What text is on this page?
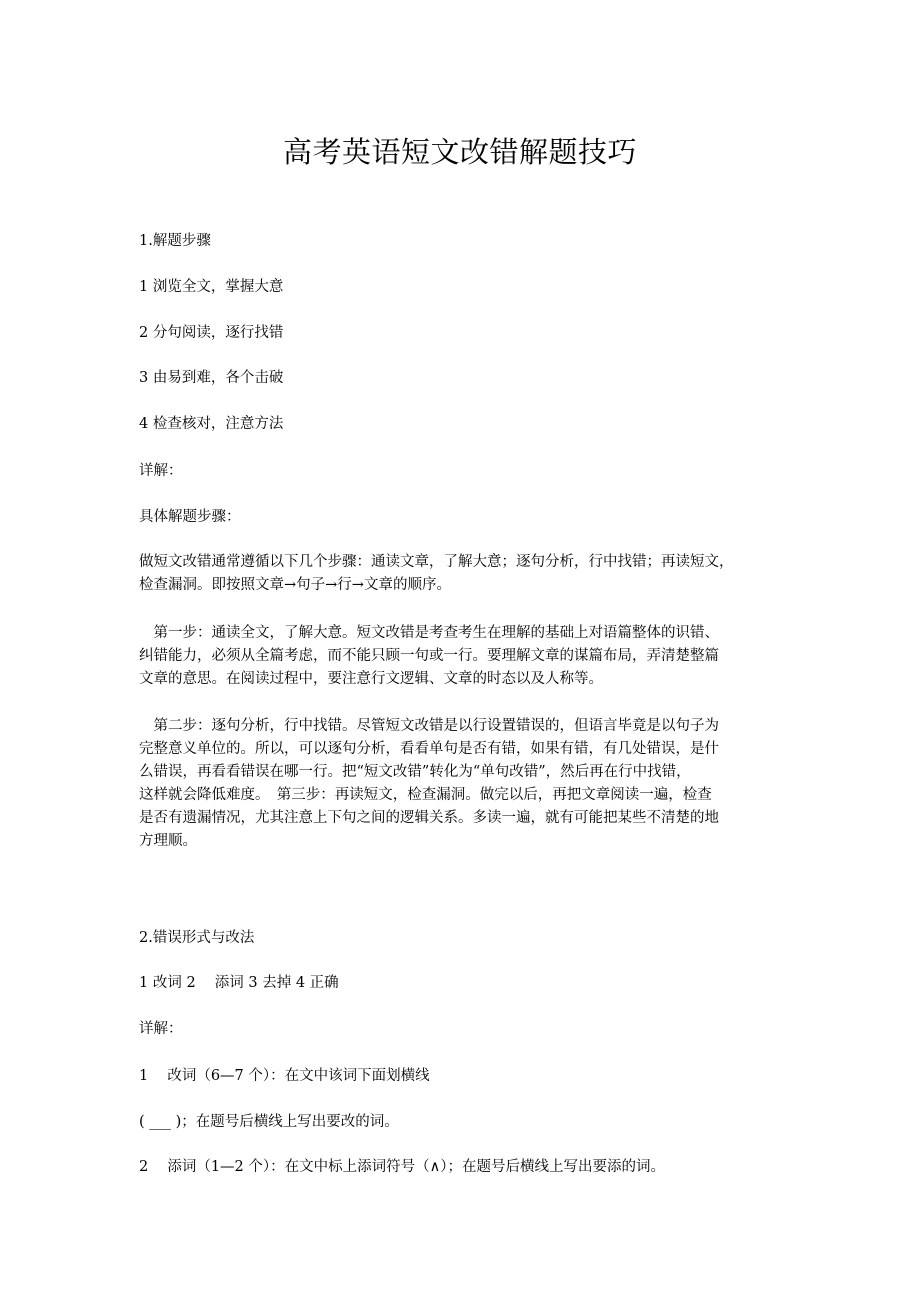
高考英语短文改错解题技巧

1.解题步骤

1 浏览全文，掌握大意

2 分句阅读，逐行找错

3 由易到难，各个击破

4 检查核对，注意方法

详解：

具体解题步骤：

做短文改错通常遵循以下几个步骤：通读文章，了解大意；逐句分析，行中找错；再读短文，

检查漏洞。即按照文章→句子→行→文章的顺序。

　第一步：通读全文，了解大意。短文改错是考查考生在理解的基础上对语篇整体的识错、

纠错能力，必须从全篇考虑，而不能只顾一句或一行。要理解文章的谋篇布局，弄清楚整篇

文章的意思。在阅读过程中，要注意行文逻辑、文章的时态以及人称等。

　第二步：逐句分析，行中找错。尽管短文改错是以行设置错误的，但语言毕竟是以句子为

完整意义单位的。所以，可以逐句分析，看看单句是否有错，如果有错，有几处错误，是什

么错误，再看看错误在哪一行。把“短文改错”转化为“单句改错”，然后再在行中找错，

这样就会降低难度。　第三步：再读短文，检查漏洞。做完以后，再把文章阅读一遍，检查

是否有遗漏情况，尤其注意上下句之间的逻辑关系。多读一遍，就有可能把某些不清楚的地

方理顺。

2.错误形式与改法

1 改词 2　 添词 3 去掉 4 正确

详解：

1　 改词（6—7 个）：在文中该词下面划横线

( ___ )；在题号后横线上写出要改的词。

2　 添词（1—2 个）：在文中标上添词符号（∧）；在题号后横线上写出要添的词。
